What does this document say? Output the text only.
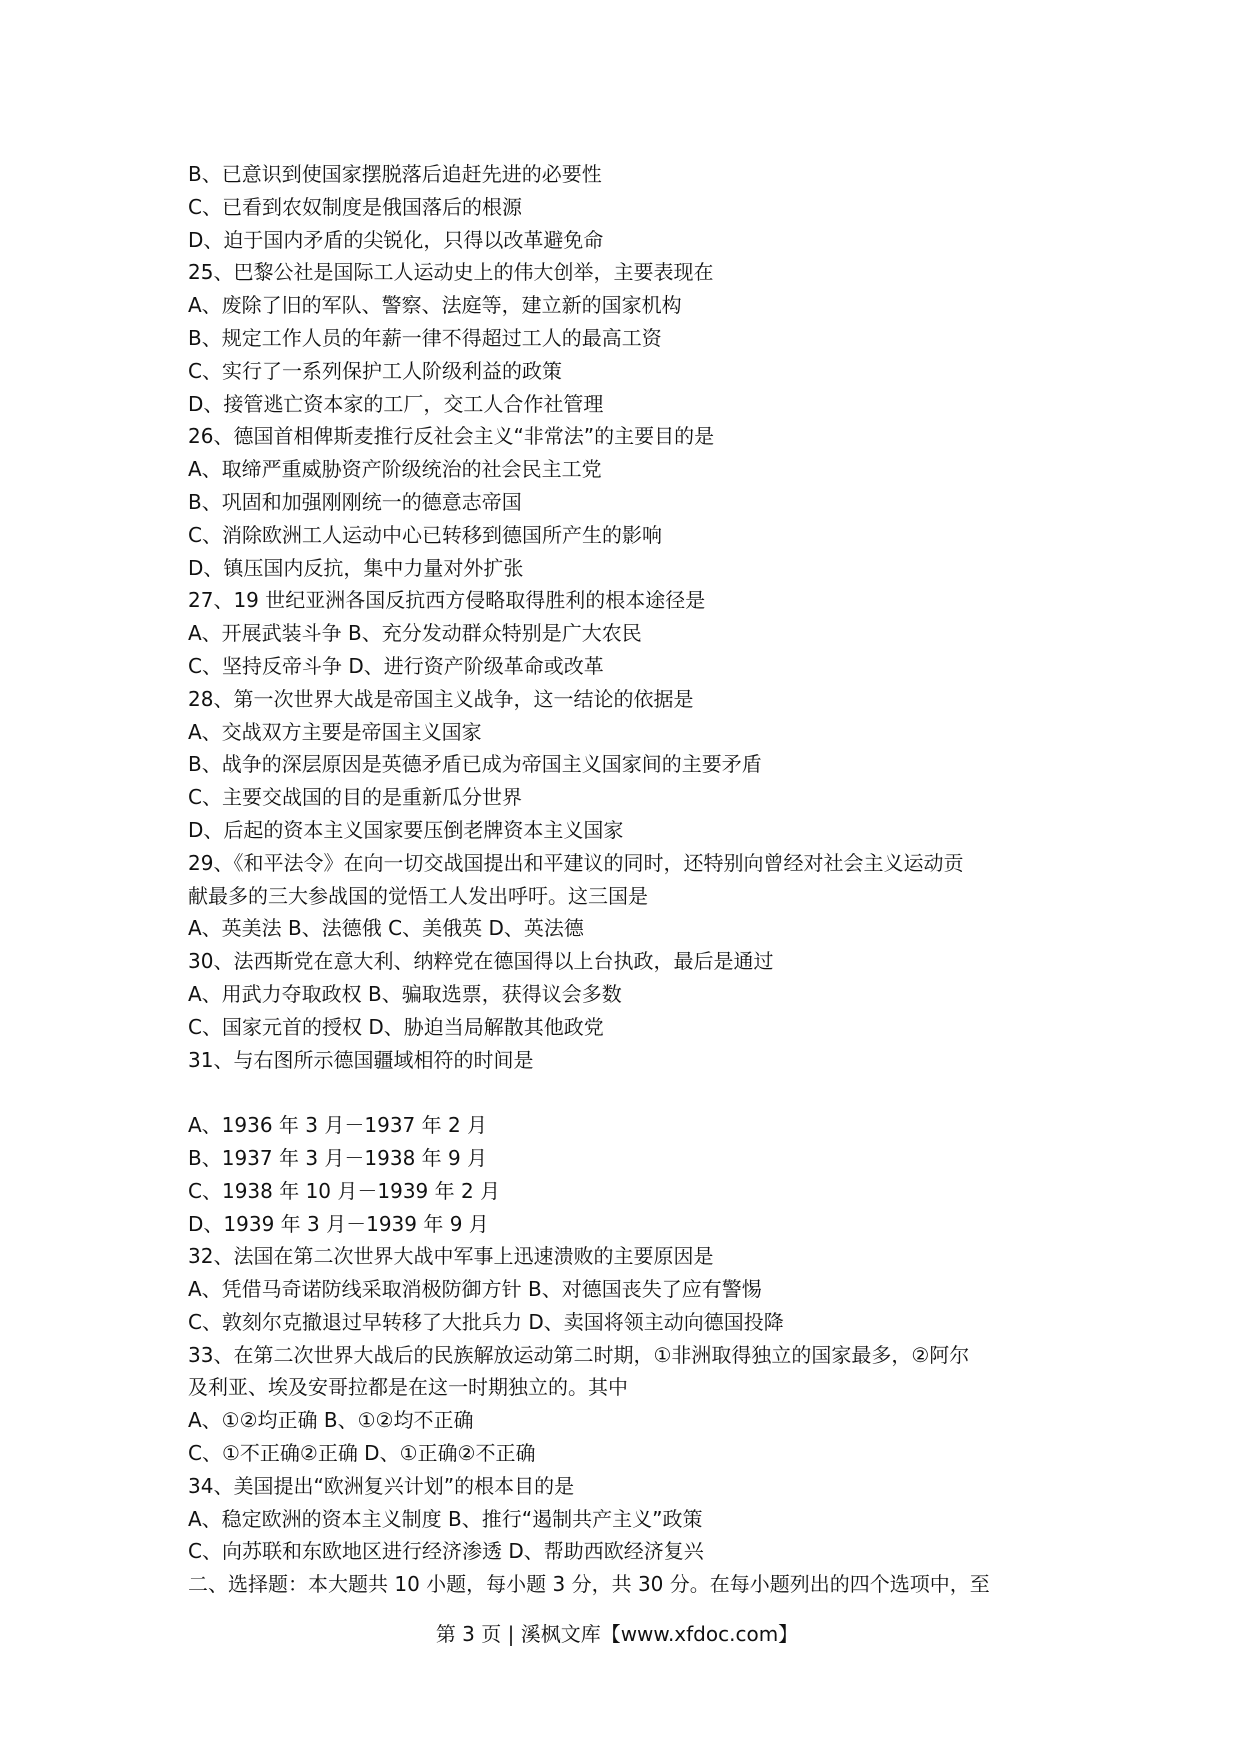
B、已意识到使国家摆脱落后追赶先进的必要性
C、已看到农奴制度是俄国落后的根源
D、迫于国内矛盾的尖锐化，只得以改革避免命
25、巴黎公社是国际工人运动史上的伟大创举，主要表现在
A、废除了旧的军队、警察、法庭等，建立新的国家机构
B、规定工作人员的年薪一律不得超过工人的最高工资
C、实行了一系列保护工人阶级利益的政策
D、接管逃亡资本家的工厂，交工人合作社管理
26、德国首相俾斯麦推行反社会主义“非常法”的主要目的是
A、取缔严重威胁资产阶级统治的社会民主工党
B、巩固和加强刚刚统一的德意志帝国
C、消除欧洲工人运动中心已转移到德国所产生的影响
D、镇压国内反抗，集中力量对外扩张
27、19 世纪亚洲各国反抗西方侵略取得胜利的根本途径是
A、开展武装斗争 B、充分发动群众特别是广大农民
C、坚持反帝斗争 D、进行资产阶级革命或改革
28、第一次世界大战是帝国主义战争，这一结论的依据是
A、交战双方主要是帝国主义国家
B、战争的深层原因是英德矛盾已成为帝国主义国家间的主要矛盾
C、主要交战国的目的是重新瓜分世界
D、后起的资本主义国家要压倒老牌资本主义国家
29、《和平法令》在向一切交战国提出和平建议的同时，还特别向曾经对社会主义运动贡
献最多的三大参战国的觉悟工人发出呼吁。这三国是
A、英美法 B、法德俄 C、美俄英 D、英法德
30、法西斯党在意大利、纳粹党在德国得以上台执政，最后是通过
A、用武力夺取政权 B、骗取选票，获得议会多数
C、国家元首的授权 D、胁迫当局解散其他政党
31、与右图所示德国疆域相符的时间是
A、1936 年 3 月－1937 年 2 月
B、1937 年 3 月－1938 年 9 月
C、1938 年 10 月－1939 年 2 月
D、1939 年 3 月－1939 年 9 月
32、法国在第二次世界大战中军事上迅速溃败的主要原因是
A、凭借马奇诺防线采取消极防御方针 B、对德国丧失了应有警惕
C、敦刻尔克撤退过早转移了大批兵力 D、卖国将领主动向德国投降
33、在第二次世界大战后的民族解放运动第二时期，①非洲取得独立的国家最多，②阿尔
及利亚、埃及安哥拉都是在这一时期独立的。其中
A、①②均正确 B、①②均不正确
C、①不正确②正确 D、①正确②不正确
34、美国提出“欧洲复兴计划”的根本目的是
A、稳定欧洲的资本主义制度 B、推行“遏制共产主义”政策
C、向苏联和东欧地区进行经济渗透 D、帮助西欧经济复兴
二、选择题：本大题共 10 小题，每小题 3 分，共 30 分。在每小题列出的四个选项中，至
第 3 页 | 溪枫文库【www.xfdoc.com】
